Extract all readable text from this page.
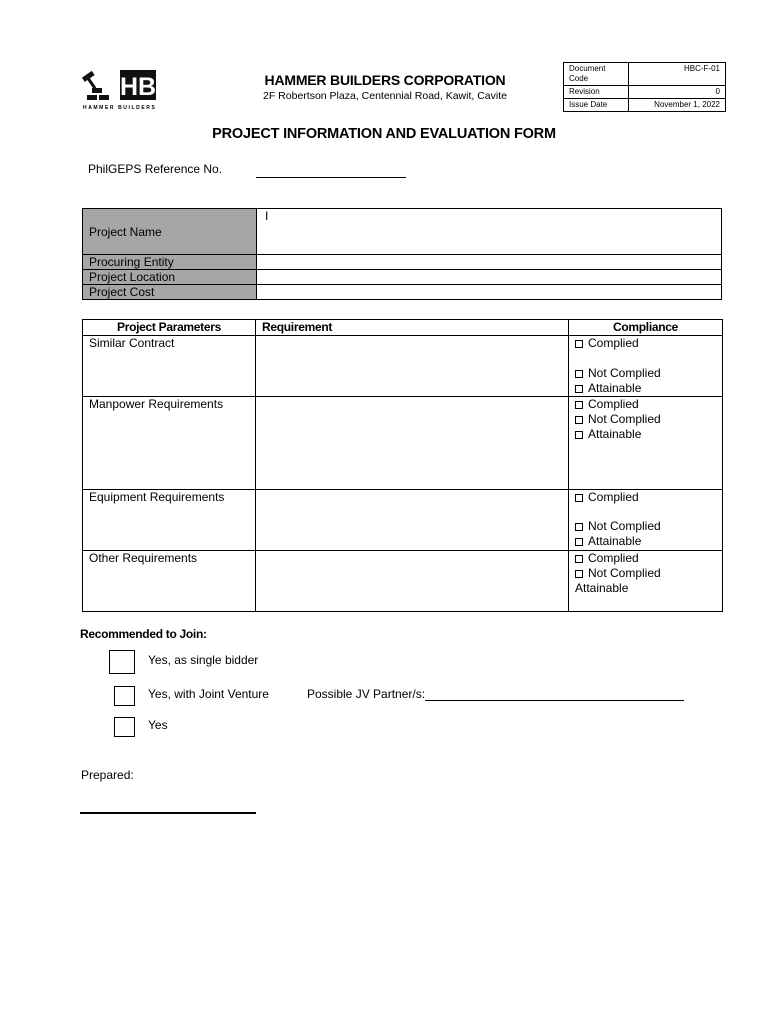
HB
HAMMER BUILDERS
HAMMER BUILDERS CORPORATION
2F Robertson Plaza, Centennial Road, Kawit, Cavite
Document Code	HBC-F-01
Revision	0
Issue Date	November 1, 2022
PROJECT INFORMATION AND EVALUATION FORM
PhilGEPS Reference No.
Project Name	I
Procuring Entity	
Project Location	
Project Cost	
Project Parameters	Requirement	Compliance
Similar Contract		Complied
Not Complied
Attainable

Manpower Requirements		Complied
Not Complied
Attainable

Equipment Requirements		Complied
Not Complied
Attainable

Other Requirements		Complied
Not Complied
Attainable
Recommended to Join:
Yes, as single bidder
Yes, with Joint Venture	Possible JV Partner/s:
Yes
Prepared:
